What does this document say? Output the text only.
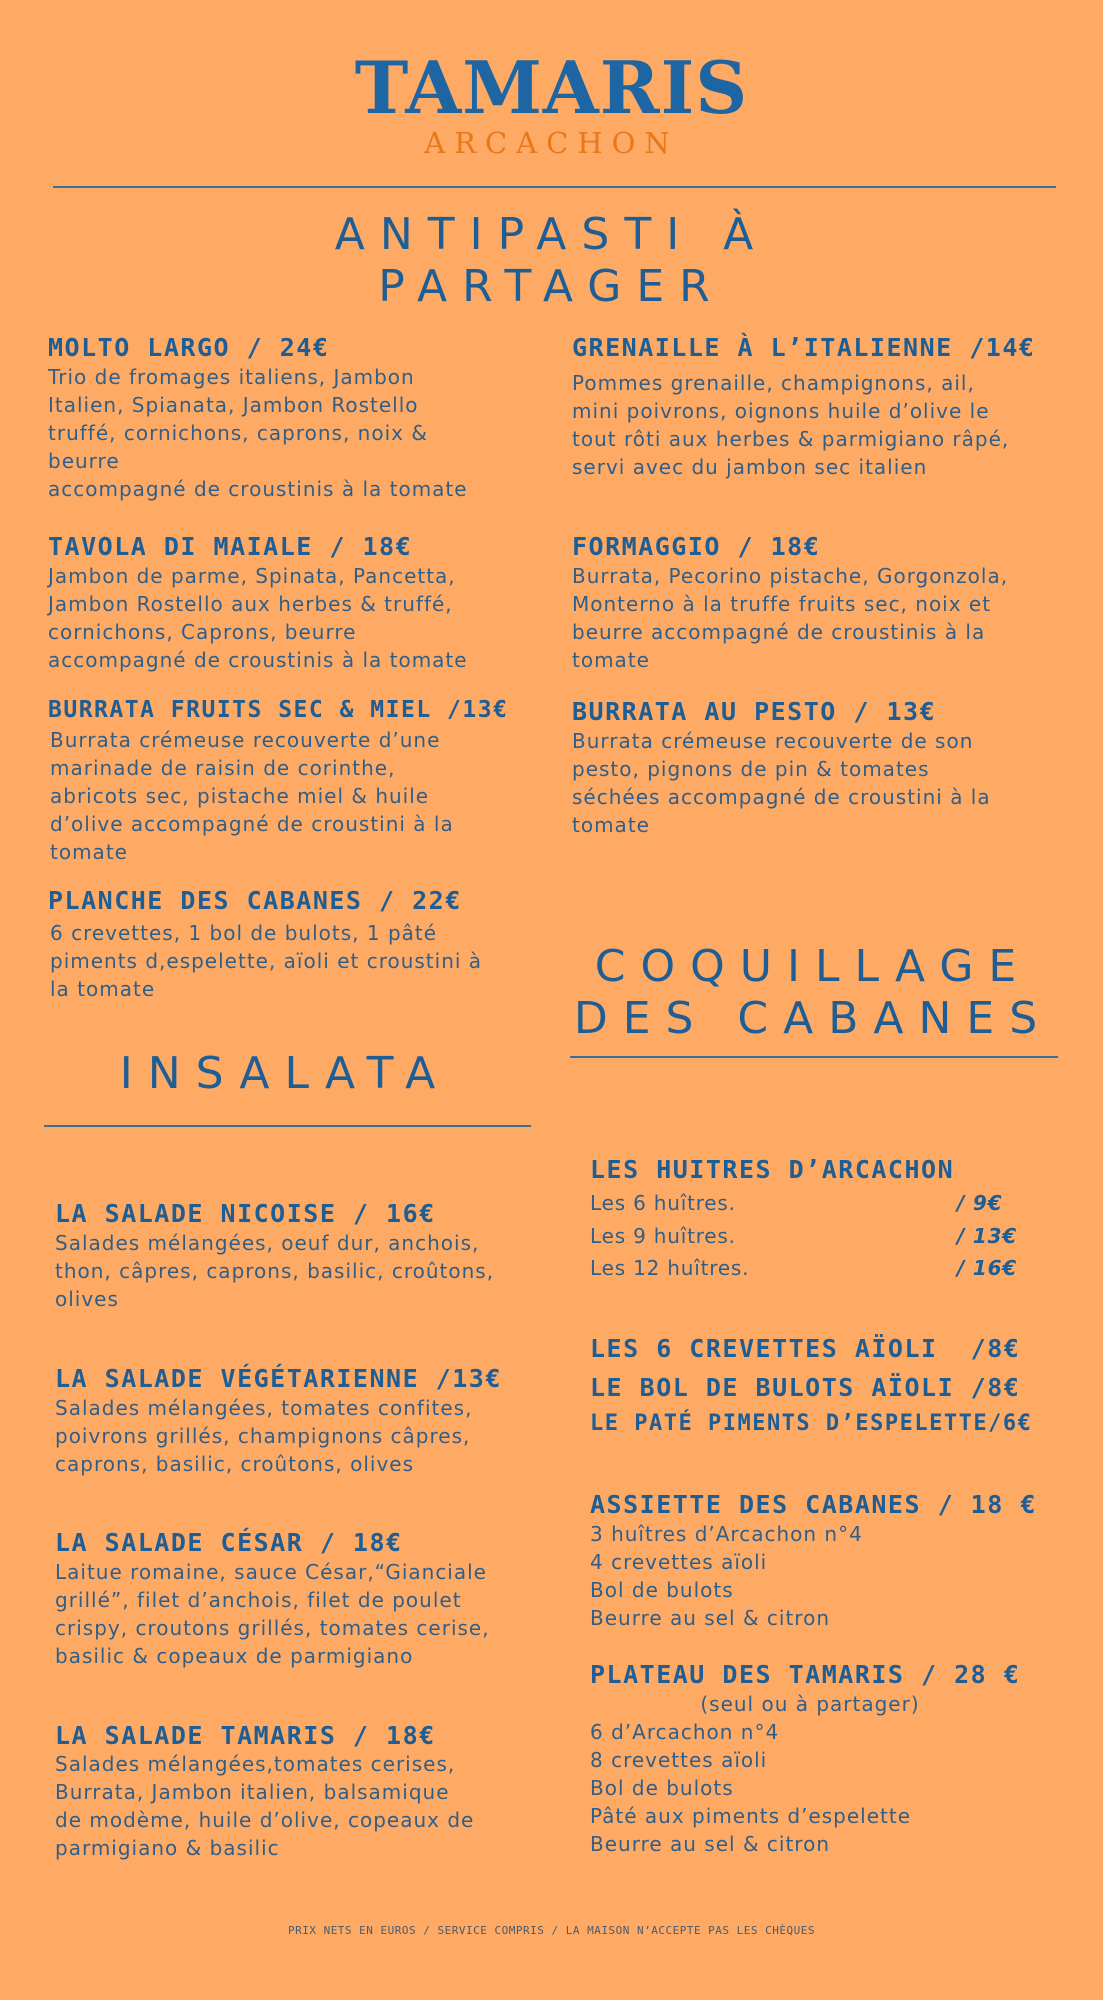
TAMARIS
ARCACHON
ANTIPASTI À
PARTAGER
MOLTO LARGO / 24€
Trio de fromages italiens, Jambon
Italien, Spianata, Jambon Rostello
truffé, cornichons, caprons, noix &
beurre
accompagné de croustinis à la tomate
GRENAILLE À L’ITALIENNE /14€
Pommes grenaille, champignons, ail,
mini poivrons, oignons huile d’olive le
tout rôti aux herbes & parmigiano râpé,
servi avec du jambon sec italien
TAVOLA DI MAIALE / 18€
Jambon de parme, Spinata, Pancetta,
Jambon Rostello aux herbes & truffé,
cornichons, Caprons, beurre
accompagné de croustinis à la tomate
FORMAGGIO / 18€
Burrata, Pecorino pistache, Gorgonzola,
Monterno à la truffe fruits sec, noix et
beurre accompagné de croustinis à la
tomate
BURRATA FRUITS SEC & MIEL /13€
Burrata crémeuse recouverte d’une
marinade de raisin de corinthe,
abricots sec, pistache miel & huile
d’olive accompagné de croustini à la
tomate
BURRATA AU PESTO / 13€
Burrata crémeuse recouverte de son
pesto, pignons de pin & tomates
séchées accompagné de croustini à la
tomate
PLANCHE DES CABANES / 22€
6 crevettes, 1 bol de bulots, 1 pâté
piments d,espelette, aïoli et croustini à
la tomate	COQUILLAGE
DES CABANES
INSALATA
LA SALADE NICOISE / 16€
Salades mélangées, oeuf dur, anchois,
thon, câpres, caprons, basilic, croûtons,
olives
LA SALADE VÉGÉTARIENNE /13€
Salades mélangées, tomates confites,
poivrons grillés, champignons câpres,
caprons, basilic, croûtons, olives
LA SALADE CÉSAR / 18€
Laitue romaine, sauce César,“Gianciale
grillé”, filet d’anchois, filet de poulet
crispy, croutons grillés, tomates cerise,
basilic & copeaux de parmigiano
LA SALADE TAMARIS / 18€
Salades mélangées,tomates cerises,
Burrata, Jambon italien, balsamique
de modème, huile d’olive, copeaux de
parmigiano & basilic
LES HUITRES D’ARCACHON
Les 6 huîtres.	/ 9€
Les 9 huîtres.	/ 13€
Les 12 huîtres.	/ 16€
LES 6 CREVETTES AÏOLI  /8€
LE BOL DE BULOTS AÏOLI /8€
LE PATÉ PIMENTS D’ESPELETTE/6€
ASSIETTE DES CABANES / 18 €
3 huîtres d’Arcachon n°4
4 crevettes aïoli
Bol de bulots
Beurre au sel & citron
PLATEAU DES TAMARIS / 28 €
(seul ou à partager)
6 d’Arcachon n°4
8 crevettes aïoli
Bol de bulots
Pâté aux piments d’espelette
Beurre au sel & citron
PRIX NETS EN EUROS / SERVICE COMPRIS / LA MAISON N’ACCEPTE PAS LES CHÈQUES
